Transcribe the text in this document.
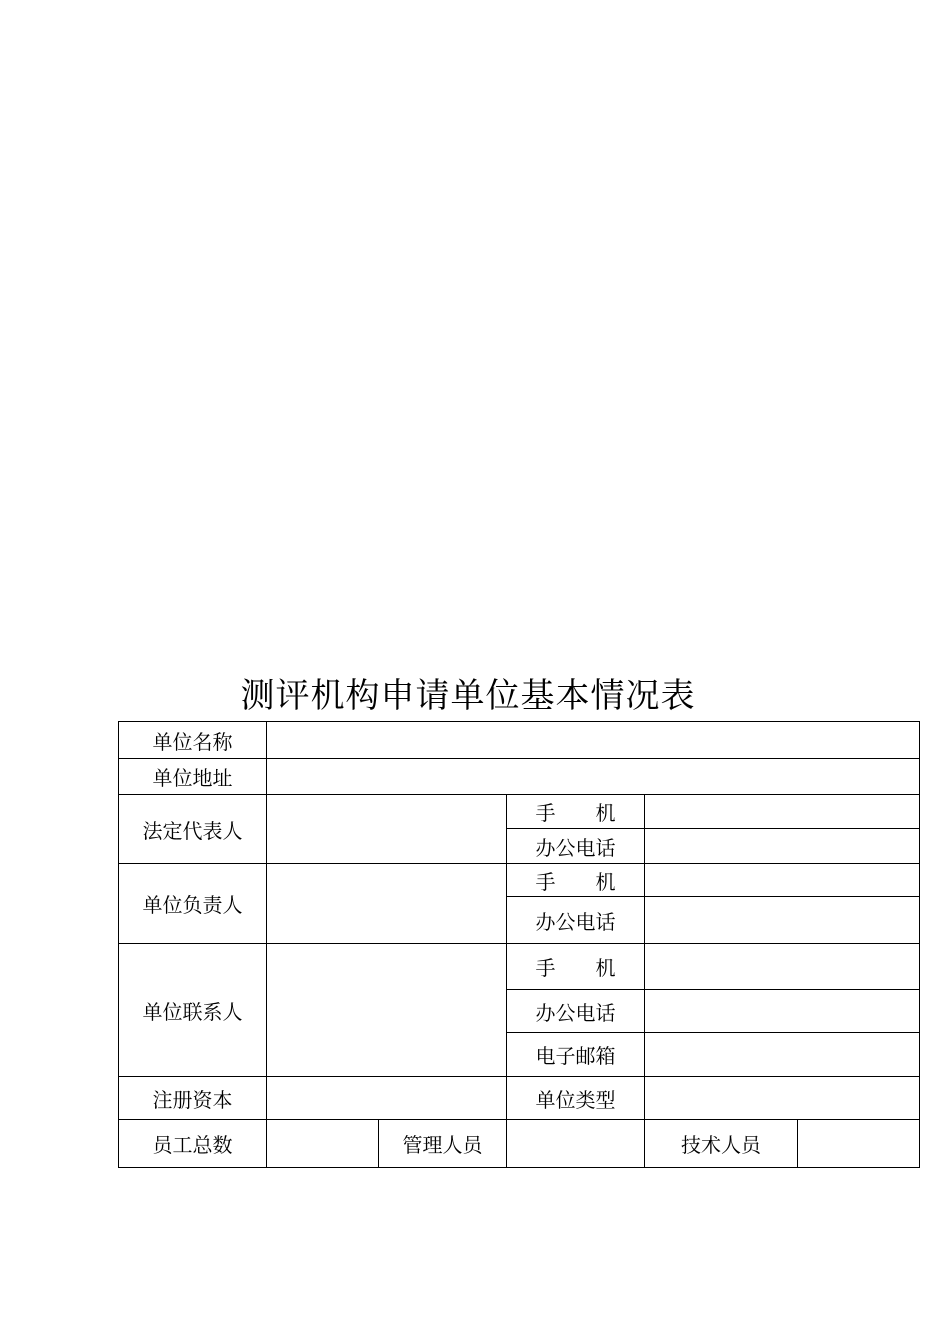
测评机构申请单位基本情况表
单位名称					
单位地址					
法定代表人			手 机		
			办公电话		
单位负责人			手 机		
			办公电话		
单位联系人			手 机		
			办公电话		
			电子邮箱		
注册资本			单位类型		
员工总数		管理人员		技术人员	
